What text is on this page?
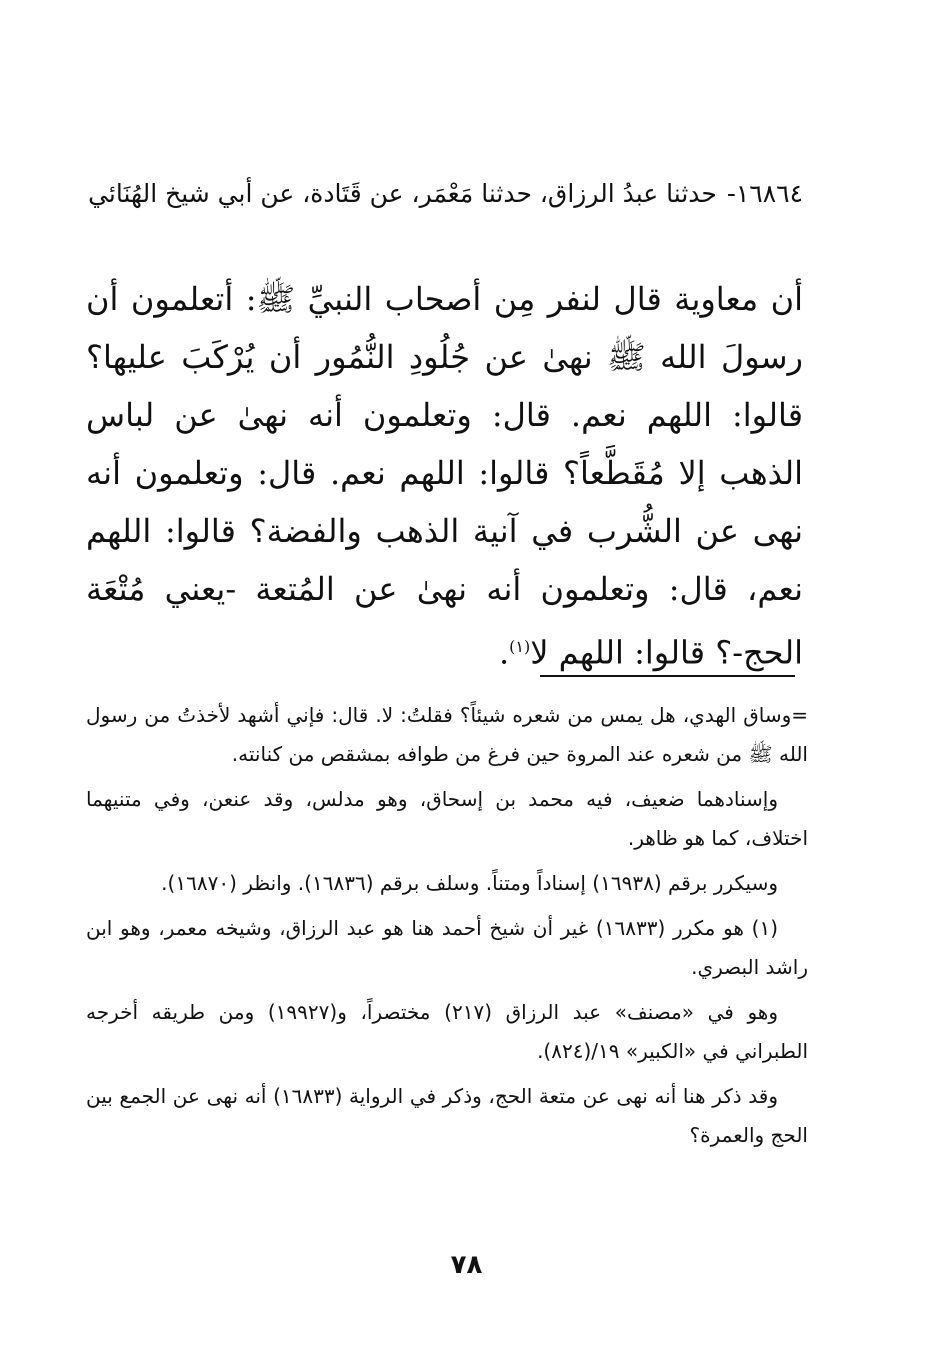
١٦٨٦٤- حدثنا عبدُ الرزاق، حدثنا مَعْمَر، عن قَتَادة، عن أبي شيخ الهُنَائي
أن معاوية قال لنفر مِن أصحاب النبيِّ ﷺ: أتعلمون أن رسولَ الله ﷺ نهىٰ عن جُلُودِ النُّمُور أن يُرْكَبَ عليها؟ قالوا: اللهم نعم. قال: وتعلمون أنه نهىٰ عن لباس الذهب إلا مُقَطَّعاً؟ قالوا: اللهم نعم. قال: وتعلمون أنه نهى عن الشُّرب في آنية الذهب والفضة؟ قالوا: اللهم نعم، قال: وتعلمون أنه نهىٰ عن المُتعة -يعني مُتْعَة الحج-؟ قالوا: اللهم لا$^{(١)}$.

=وساق الهدي، هل يمس من شعره شيئاً؟ فقلتُ: لا. قال: فإني أشهد لأخذتُ من رسول الله ﷺ من شعره عند المروة حين فرغ من طوافه بمشقص من كنانته.

وإسنادهما ضعيف، فيه محمد بن إسحاق، وهو مدلس، وقد عنعن، وفي متنيهما اختلاف، كما هو ظاهر.

وسيكرر برقم (١٦٩٣٨) إسناداً ومتناً. وسلف برقم (١٦٨٣٦). وانظر (١٦٨٧٠).

(١) هو مكرر (١٦٨٣٣) غير أن شيخ أحمد هنا هو عبد الرزاق، وشيخه معمر، وهو ابن راشد البصري.

وهو في «مصنف» عبد الرزاق (٢١٧) مختصراً، و(١٩٩٢٧) ومن طريقه أخرجه الطبراني في «الكبير» ١٩/(٨٢٤).

وقد ذكر هنا أنه نهى عن متعة الحج، وذكر في الرواية (١٦٨٣٣) أنه نهى عن الجمع بين الحج والعمرة؟

٧٨
